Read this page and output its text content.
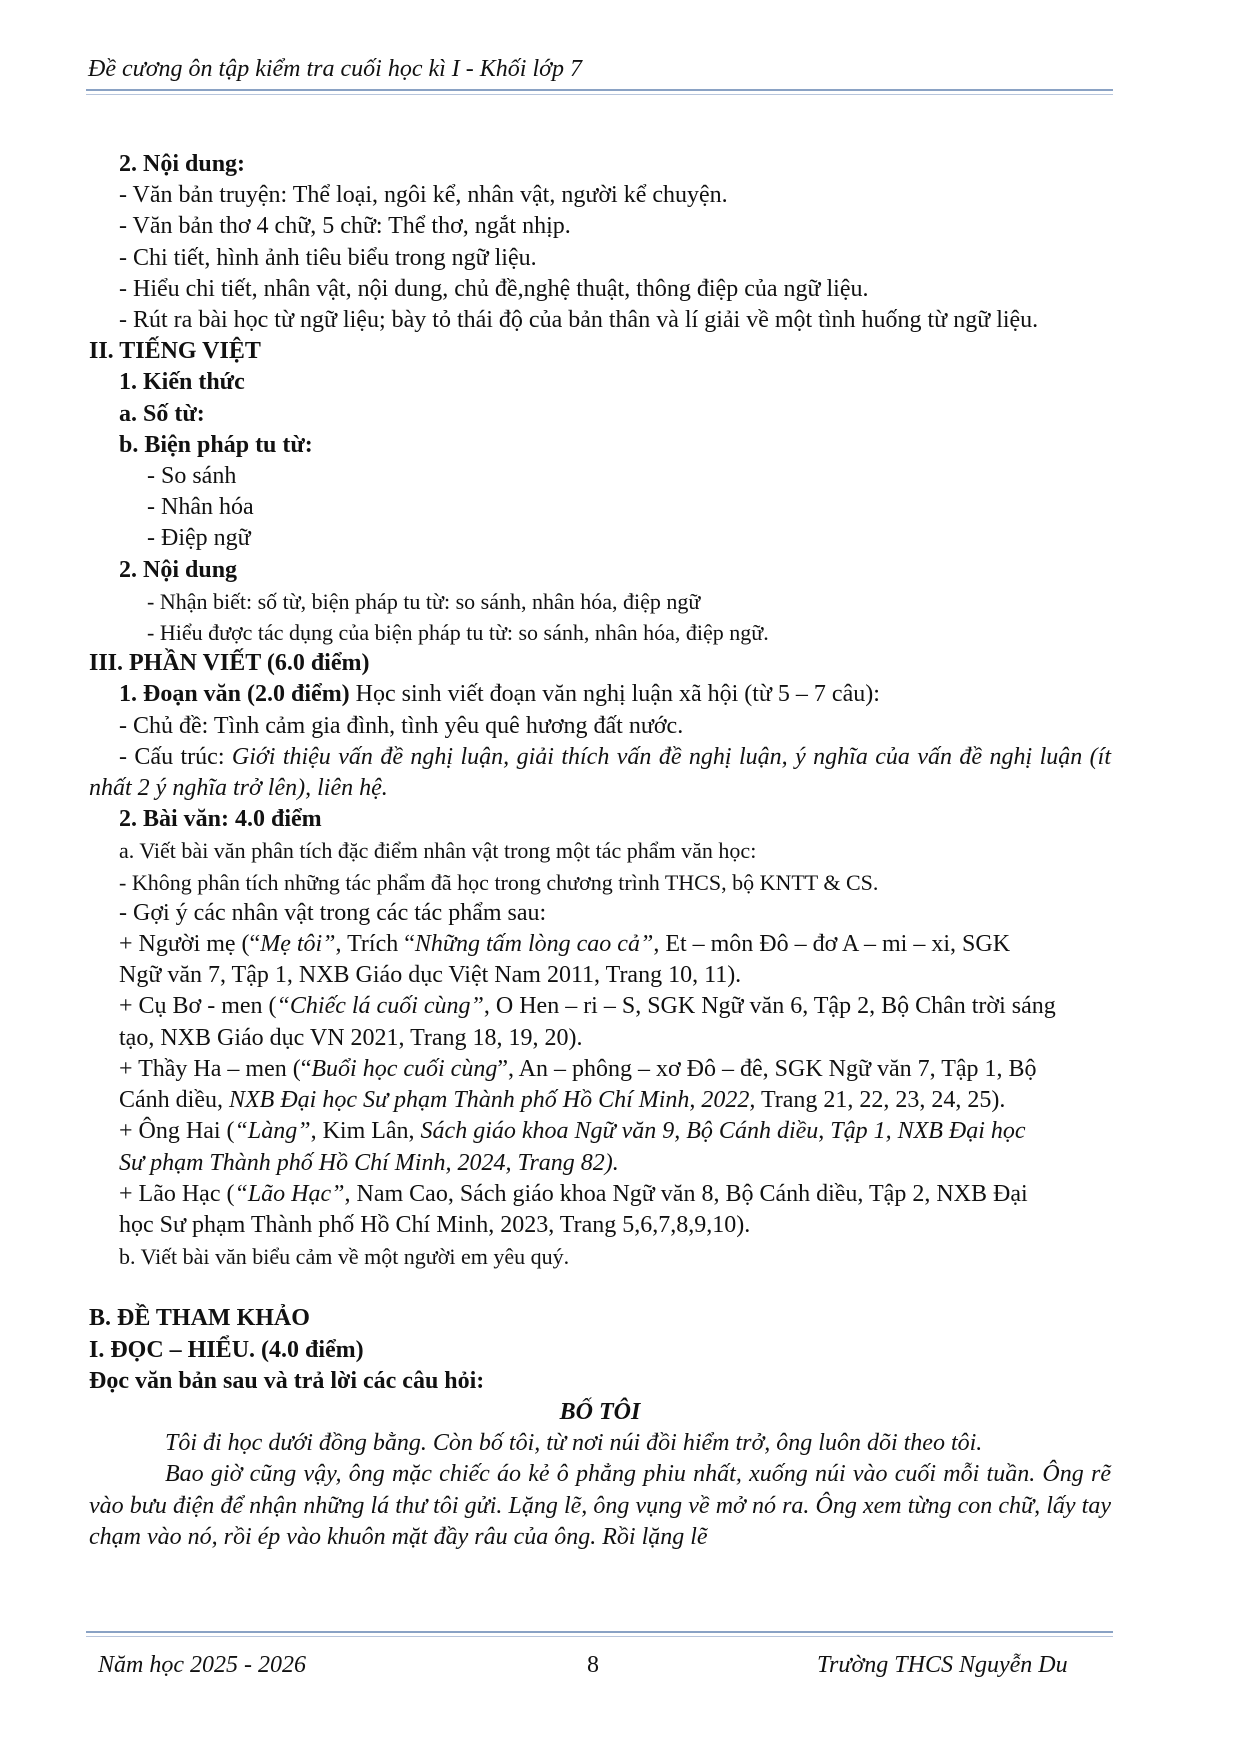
Đề cương ôn tập kiểm tra cuối học kì I - Khối lớp 7

2. Nội dung:

- Văn bản truyện: Thể loại, ngôi kể, nhân vật, người kể chuyện.

- Văn bản thơ 4 chữ, 5 chữ: Thể thơ, ngắt nhịp.

- Chi tiết, hình ảnh tiêu biểu trong ngữ liệu.

- Hiểu chi tiết, nhân vật, nội dung, chủ đề,nghệ thuật, thông điệp của ngữ liệu.

- Rút ra bài học từ ngữ liệu; bày tỏ thái độ của bản thân và lí giải về một tình huống từ ngữ liệu.

II. TIẾNG VIỆT

1. Kiến thức

a. Số từ:

b. Biện pháp tu từ:

- So sánh

- Nhân hóa

- Điệp ngữ

2. Nội dung

- Nhận biết: số từ, biện pháp tu từ: so sánh, nhân hóa, điệp ngữ

- Hiểu được tác dụng của biện pháp tu từ: so sánh, nhân hóa, điệp ngữ.

III. PHẦN VIẾT (6.0 điểm)

1. Đoạn văn (2.0 điểm) Học sinh viết đoạn văn nghị luận xã hội (từ 5 – 7 câu):

- Chủ đề: Tình cảm gia đình, tình yêu quê hương đất nước.

- Cấu trúc: Giới thiệu vấn đề nghị luận, giải thích vấn đề nghị luận, ý nghĩa của vấn đề nghị luận (ít nhất 2 ý nghĩa trở lên), liên hệ.

2. Bài văn: 4.0 điểm

a. Viết bài văn phân tích đặc điểm nhân vật trong một tác phẩm văn học:

- Không phân tích những tác phẩm đã học trong chương trình THCS, bộ KNTT & CS.

- Gợi ý các nhân vật trong các tác phẩm sau:

+ Người mẹ (“Mẹ tôi”, Trích “Những tấm lòng cao cả”, Et – môn Đô – đơ A – mi – xi, SGK Ngữ văn 7, Tập 1, NXB Giáo dục Việt Nam 2011, Trang 10, 11).

+ Cụ Bơ - men (“Chiếc lá cuối cùng”, O Hen – ri – S, SGK Ngữ văn 6, Tập 2, Bộ Chân trời sáng tạo, NXB Giáo dục VN 2021, Trang 18, 19, 20).

+ Thầy Ha – men (“Buổi học cuối cùng”, An – phông – xơ Đô – đê, SGK Ngữ văn 7, Tập 1, Bộ Cánh diều, NXB Đại học Sư phạm Thành phố Hồ Chí Minh, 2022, Trang 21, 22, 23, 24, 25).

+ Ông Hai (“Làng”, Kim Lân, Sách giáo khoa Ngữ văn 9, Bộ Cánh diều, Tập 1, NXB Đại học Sư phạm Thành phố Hồ Chí Minh, 2024, Trang 82).

+ Lão Hạc (“Lão Hạc”, Nam Cao, Sách giáo khoa Ngữ văn 8, Bộ Cánh diều, Tập 2, NXB Đại học Sư phạm Thành phố Hồ Chí Minh, 2023, Trang 5,6,7,8,9,10).

b. Viết bài văn biểu cảm về một người em yêu quý.

B. ĐỀ THAM KHẢO

I. ĐỌC – HIỂU. (4.0 điểm)

Đọc văn bản sau và trả lời các câu hỏi:

BỐ TÔI

Tôi đi học dưới đồng bằng. Còn bố tôi, từ nơi núi đồi hiểm trở, ông luôn dõi theo tôi.

Bao giờ cũng vậy, ông mặc chiếc áo kẻ ô phẳng phiu nhất, xuống núi vào cuối mỗi tuần. Ông rẽ vào bưu điện để nhận những lá thư tôi gửi. Lặng lẽ, ông vụng về mở nó ra. Ông xem từng con chữ, lấy tay chạm vào nó, rồi ép vào khuôn mặt đầy râu của ông. Rồi lặng lẽ

Năm học 2025 - 2026	8	Trường THCS Nguyễn Du
